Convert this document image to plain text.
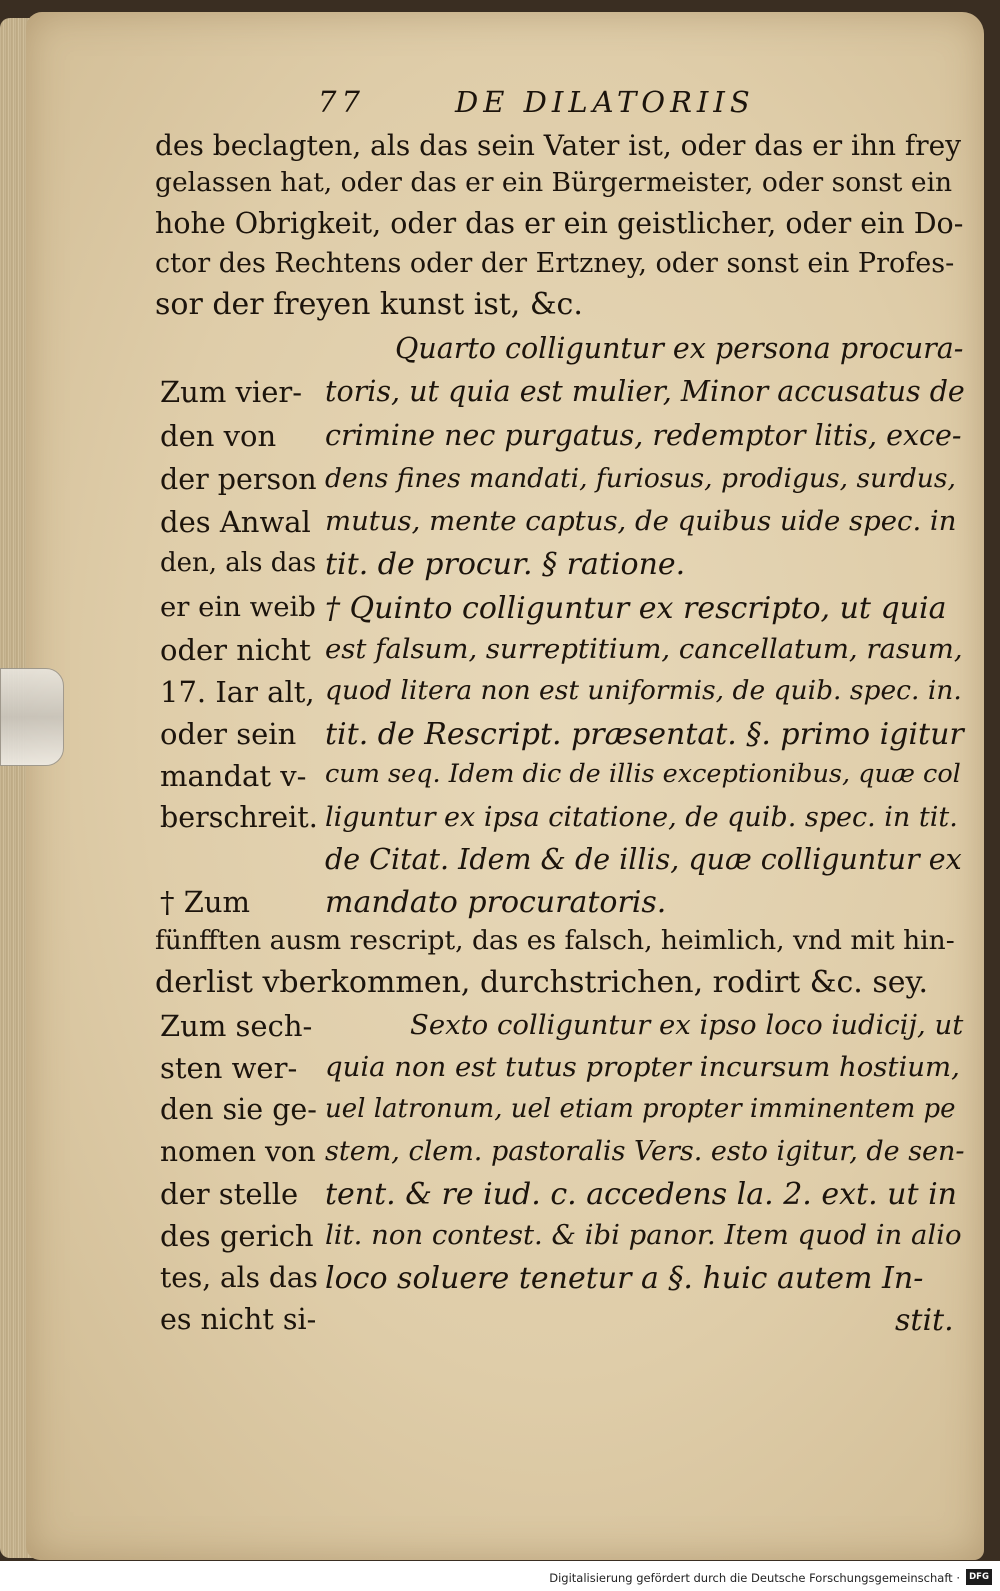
77	DE DILATORIIS
des beclagten, als das sein Vater ist, oder das er ihn frey
gelassen hat, oder das er ein Bürgermeister, oder sonst ein
hohe Obrigkeit, oder das er ein geistlicher, oder ein Do-
ctor des Rechtens oder der Ertzney, oder sonst ein Profes-
sor der freyen kunst ist, &c.
Quarto colliguntur ex persona procura-
toris, ut quia est mulier, Minor accusatus de
crimine nec purgatus, redemptor litis, exce-
dens fines mandati, furiosus, prodigus, surdus,
mutus, mente captus, de quibus uide spec. in
tit. de procur. § ratione.
† Quinto colliguntur ex rescripto, ut quia
est falsum, surreptitium, cancellatum, rasum,
quod litera non est uniformis, de quib. spec. in.
tit. de Rescript. præsentat. §. primo igitur
cum seq. Idem dic de illis exceptionibus, quæ col
liguntur ex ipsa citatione, de quib. spec. in tit.
de Citat. Idem & de illis, quæ colliguntur ex
mandato procuratoris.
fünfften ausm rescript, das es falsch, heimlich, vnd mit hin-
derlist vberkommen, durchstrichen, rodirt &c. sey.
Sexto colliguntur ex ipso loco iudicij, ut
quia non est tutus propter incursum hostium,
uel latronum, uel etiam propter imminentem pe
stem, clem. pastoralis Vers. esto igitur, de sen-
tent. & re iud. c. accedens la. 2. ext. ut in
lit. non contest. & ibi panor. Item quod in alio
loco soluere tenetur a §. huic autem In-
stit.
Zum vier-
den von
der person
des Anwal
den, als das
er ein weib
oder nicht
17. Iar alt,
oder sein
mandat v-
berschreit.
† Zum
Zum sech-
sten wer-
den sie ge-
nomen von
der stelle
des gerich
tes, als das
es nicht si-
Digitalisierung gefördert durch die Deutsche Forschungsgemeinschaft ·	DFG
